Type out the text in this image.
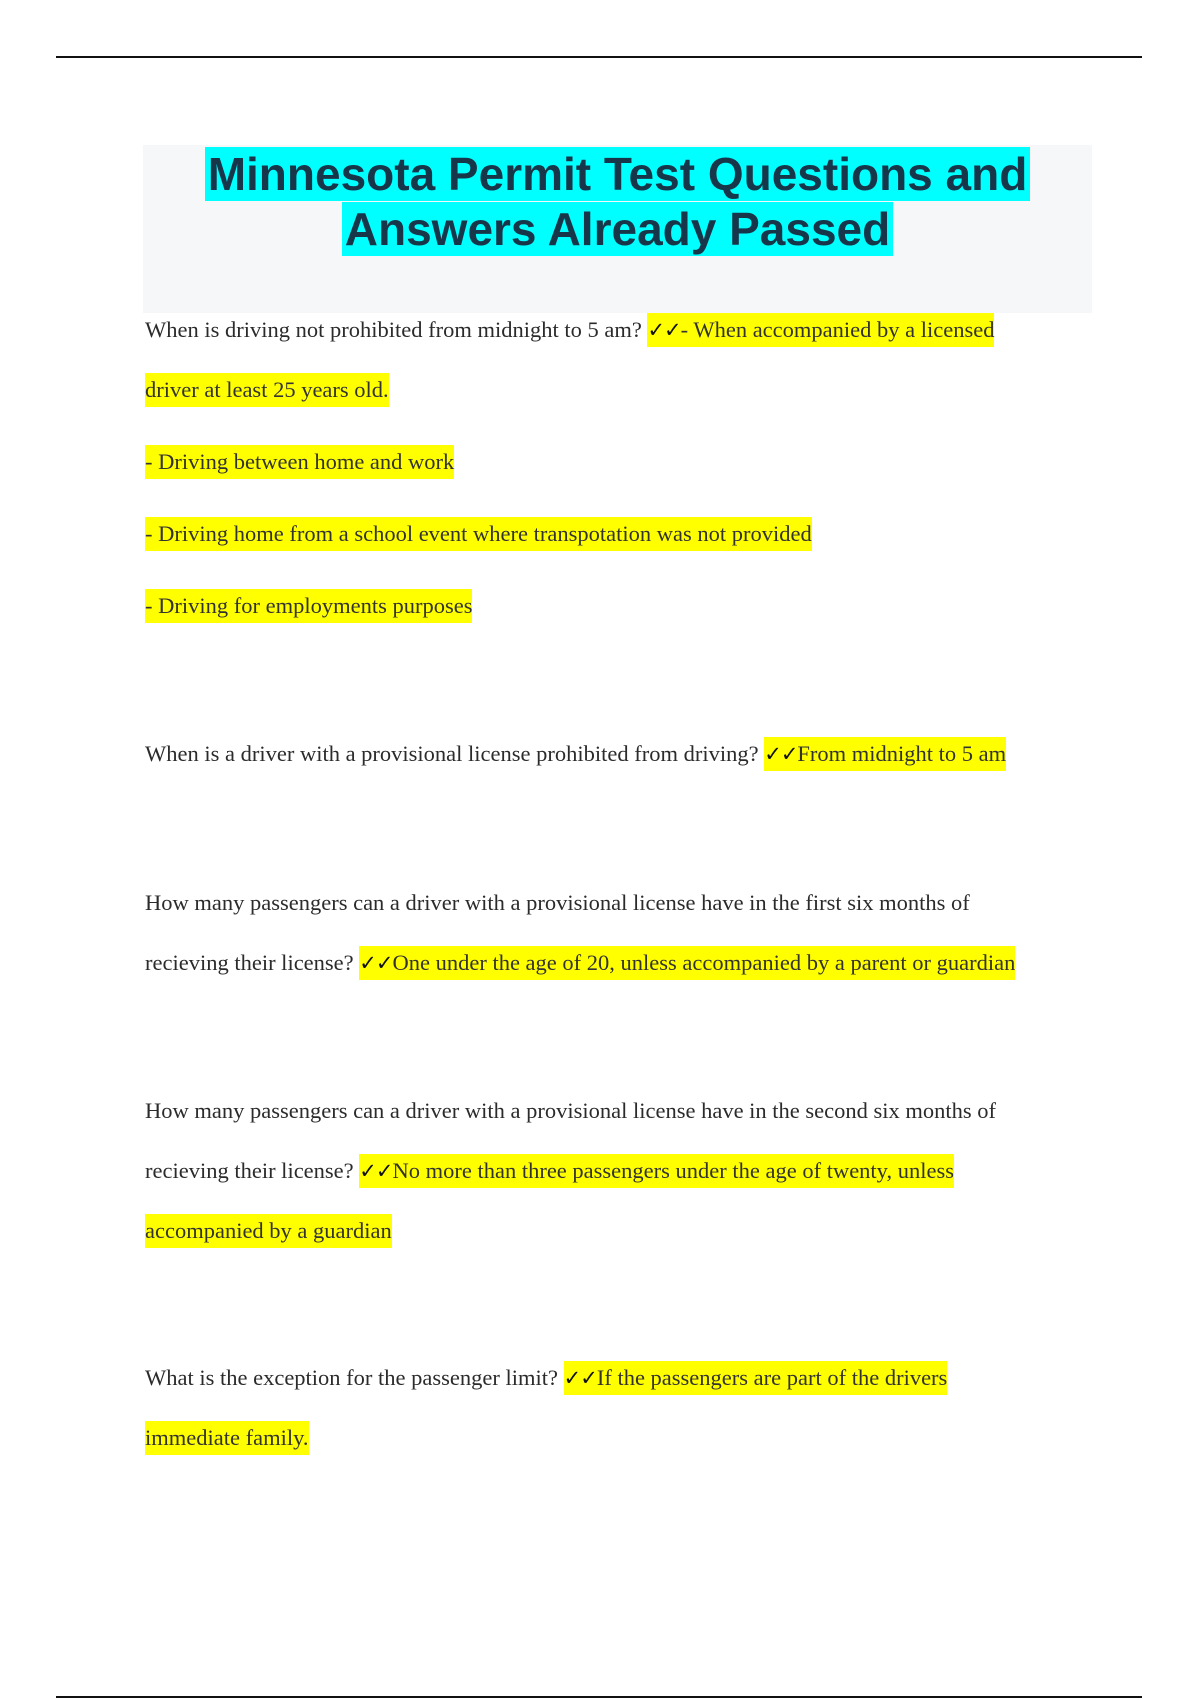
Minnesota Permit Test Questions and
Answers Already Passed
When is driving not prohibited from midnight to 5 am? ✓✓- When accompanied by a licensed
driver at least 25 years old.
- Driving between home and work
- Driving home from a school event where transpotation was not provided
- Driving for employments purposes
When is a driver with a provisional license prohibited from driving? ✓✓From midnight to 5 am
How many passengers can a driver with a provisional license have in the first six months of
recieving their license? ✓✓One under the age of 20, unless accompanied by a parent or guardian
How many passengers can a driver with a provisional license have in the second six months of
recieving their license? ✓✓No more than three passengers under the age of twenty, unless
accompanied by a guardian
What is the exception for the passenger limit? ✓✓If the passengers are part of the drivers
immediate family.
